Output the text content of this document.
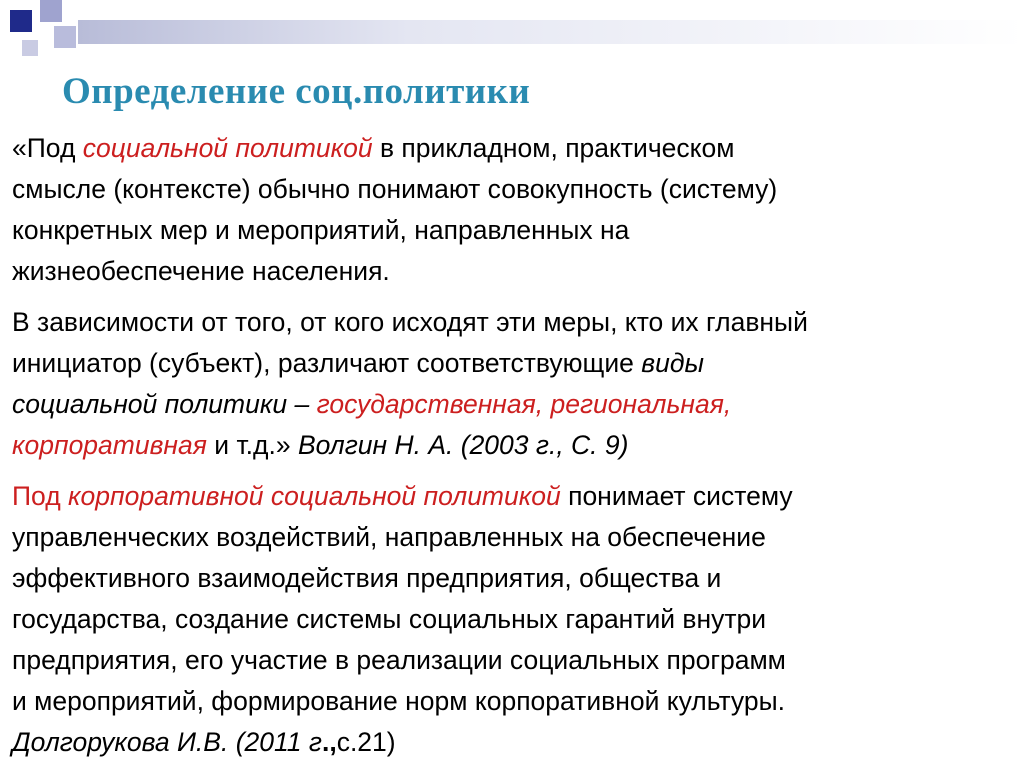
Определение соц.политики

«Под социальной политикой в прикладном, практическом
смысле (контексте) обычно понимают совокупность (систему)
конкретных мер и мероприятий, направленных на
жизнеобеспечение населения.

В зависимости от того, от кого исходят эти меры, кто их главный
инициатор (субъект), различают соответствующие виды
социальной политики – государственная, региональная,
корпоративная и т.д.» Волгин Н. А. (2003 г., С. 9)

Под корпоративной социальной политикой понимает систему
управленческих воздействий, направленных на обеспечение
эффективного взаимодействия предприятия, общества и
государства, создание системы социальных гарантий внутри
предприятия, его участие в реализации социальных программ
и мероприятий, формирование норм корпоративной культуры.
Долгорукова И.В. (2011 г.,с.21)
